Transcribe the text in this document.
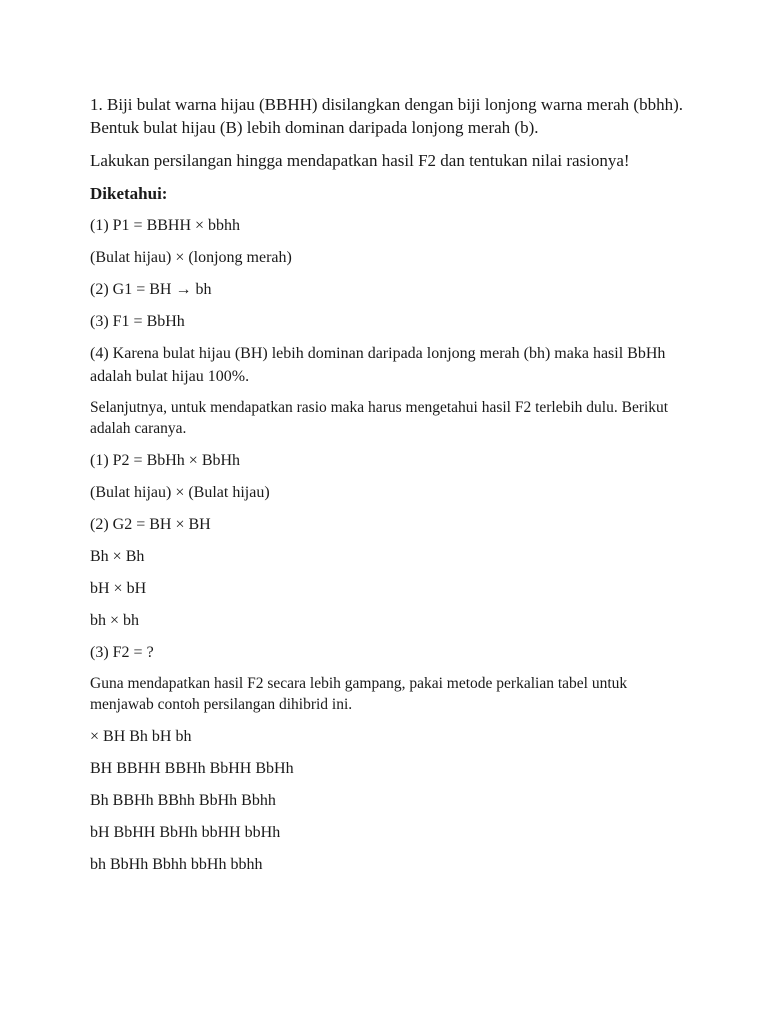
1. Biji bulat warna hijau (BBHH) disilangkan dengan biji lonjong warna merah (bbhh). Bentuk bulat hijau (B) lebih dominan daripada lonjong merah (b).

Lakukan persilangan hingga mendapatkan hasil F2 dan tentukan nilai rasionya!

Diketahui:

(1) P1 = BBHH × bbhh

(Bulat hijau) × (lonjong merah)

(2) G1 = BH → bh

(3) F1 = BbHh

(4) Karena bulat hijau (BH) lebih dominan daripada lonjong merah (bh) maka hasil BbHh adalah bulat hijau 100%.

Selanjutnya, untuk mendapatkan rasio maka harus mengetahui hasil F2 terlebih dulu. Berikut adalah caranya.

(1) P2 = BbHh × BbHh

(Bulat hijau) × (Bulat hijau)

(2) G2 = BH × BH

Bh × Bh

bH × bH

bh × bh

(3) F2 = ?

Guna mendapatkan hasil F2 secara lebih gampang, pakai metode perkalian tabel untuk menjawab contoh persilangan dihibrid ini.

× BH Bh bH bh

BH BBHH BBHh BbHH BbHh

Bh BBHh BBhh BbHh Bbhh

bH BbHH BbHh bbHH bbHh

bh BbHh Bbhh bbHh bbhh
